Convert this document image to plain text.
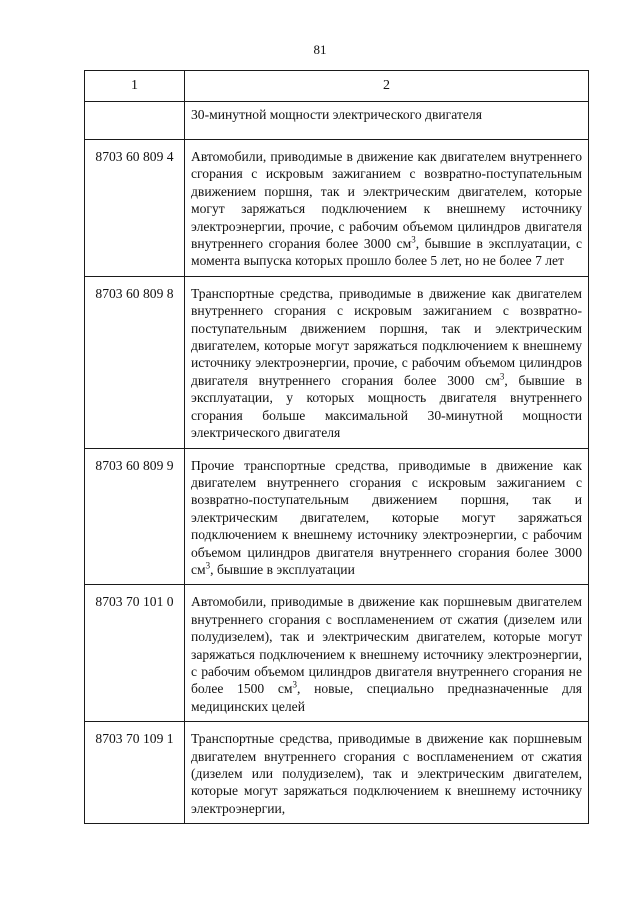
81
1	2
	30-минутной мощности электрического двигателя
8703 60 809 4	Автомобили, приводимые в движение как двигателем внутреннего сгорания с искровым зажиганием с возвратно-поступательным движением поршня, так и электрическим двигателем, которые могут заряжаться подключением к внешнему источнику электроэнергии, прочие, с рабочим объемом цилиндров двигателя внутреннего сгорания более 3000 $см^3$, бывшие в эксплуатации, с момента выпуска которых прошло более 5 лет, но не более 7 лет
8703 60 809 8	Транспортные средства, приводимые в движение как двигателем внутреннего сгорания с искровым зажиганием с возвратно-поступательным движением поршня, так и электрическим двигателем, которые могут заряжаться подключением к внешнему источнику электроэнергии, прочие, с рабочим объемом цилиндров двигателя внутреннего сгорания более 3000 $см^3$, бывшие в эксплуатации, у которых мощность двигателя внутреннего сгорания больше максимальной 30-минутной мощности электрического двигателя
8703 60 809 9	Прочие транспортные средства, приводимые в движение как двигателем внутреннего сгорания с искровым зажиганием с возвратно-поступательным движением поршня, так и электрическим двигателем, которые могут заряжаться подключением к внешнему источнику электроэнергии, с рабочим объемом цилиндров двигателя внутреннего сгорания более 3000 $см^3$, бывшие в эксплуатации
8703 70 101 0	Автомобили, приводимые в движение как поршневым двигателем внутреннего сгорания с воспламенением от сжатия (дизелем или полудизелем), так и электрическим двигателем, которые могут заряжаться подключением к внешнему источнику электроэнергии, с рабочим объемом цилиндров двигателя внутреннего сгорания не более 1500 $см^3$, новые, специально предназначенные для медицинских целей
8703 70 109 1	Транспортные средства, приводимые в движение как поршневым двигателем внутреннего сгорания с воспламенением от сжатия (дизелем или полудизелем), так и электрическим двигателем, которые могут заряжаться подключением к внешнему источнику электроэнергии,
